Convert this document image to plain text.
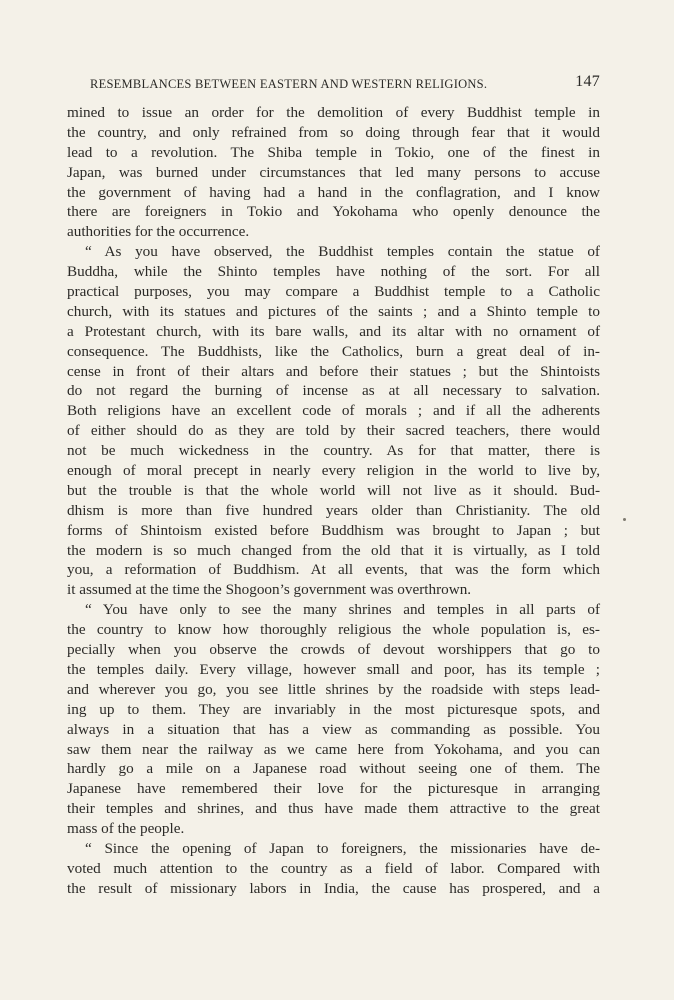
RESEMBLANCES BETWEEN EASTERN AND WESTERN RELIGIONS.	147
mined to issue an order for the demolition of every Buddhist temple in
the country, and only refrained from so doing through fear that it would
lead to a revolution. The Shiba temple in Tokio, one of the finest in
Japan, was burned under circumstances that led many persons to accuse
the government of having had a hand in the conflagration, and I know
there are foreigners in Tokio and Yokohama who openly denounce the
authorities for the occurrence.
“ As you have observed, the Buddhist temples contain the statue of
Buddha, while the Shinto temples have nothing of the sort. For all
practical purposes, you may compare a Buddhist temple to a Catholic
church, with its statues and pictures of the saints ; and a Shinto temple to
a Protestant church, with its bare walls, and its altar with no ornament of
consequence. The Buddhists, like the Catholics, burn a great deal of in-
cense in front of their altars and before their statues ; but the Shintoists
do not regard the burning of incense as at all necessary to salvation.
Both religions have an excellent code of morals ; and if all the adherents
of either should do as they are told by their sacred teachers, there would
not be much wickedness in the country. As for that matter, there is
enough of moral precept in nearly every religion in the world to live by,
but the trouble is that the whole world will not live as it should. Bud-
dhism is more than five hundred years older than Christianity. The old
forms of Shintoism existed before Buddhism was brought to Japan ; but
the modern is so much changed from the old that it is virtually, as I told
you, a reformation of Buddhism. At all events, that was the form which
it assumed at the time the Shogoon’s government was overthrown.
“ You have only to see the many shrines and temples in all parts of
the country to know how thoroughly religious the whole population is, es-
pecially when you observe the crowds of devout worshippers that go to
the temples daily. Every village, however small and poor, has its temple ;
and wherever you go, you see little shrines by the roadside with steps lead-
ing up to them. They are invariably in the most picturesque spots, and
always in a situation that has a view as commanding as possible. You
saw them near the railway as we came here from Yokohama, and you can
hardly go a mile on a Japanese road without seeing one of them. The
Japanese have remembered their love for the picturesque in arranging
their temples and shrines, and thus have made them attractive to the great
mass of the people.
“ Since the opening of Japan to foreigners, the missionaries have de-
voted much attention to the country as a field of labor. Compared with
the result of missionary labors in India, the cause has prospered, and a
